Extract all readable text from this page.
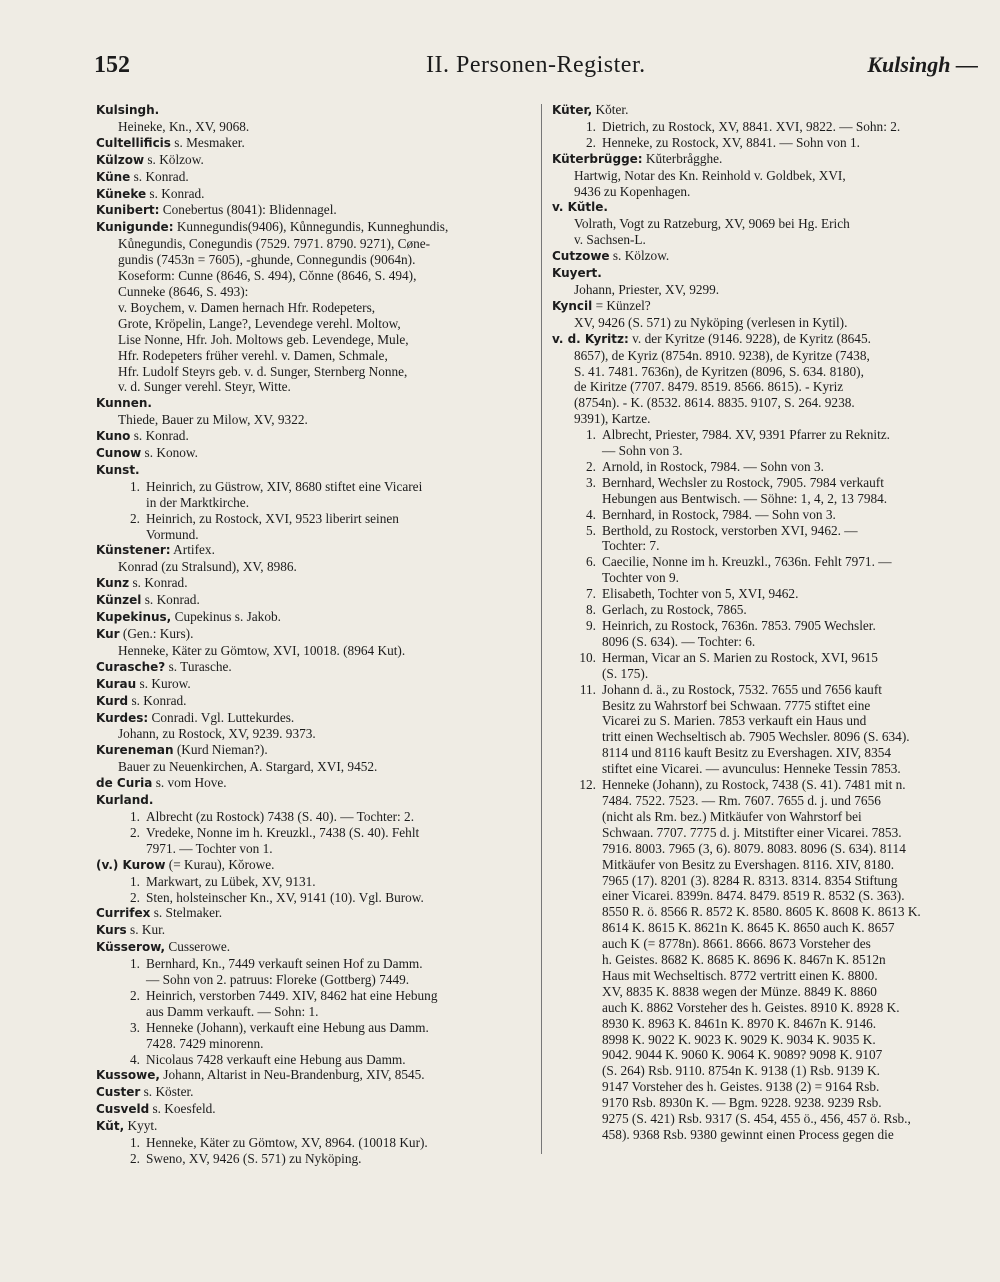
152	II. Personen-Register.	Kulsingh —
Kulsingh.
Heineke, Kn., XV, 9068.
Cultellificis s. Mesmaker.
Külzow s. Kölzow.
Küne s. Konrad.
Küneke s. Konrad.
Kunibert: Conebertus (8041): Blidennagel.
Kunigunde: Kunnegundis(9406), Kůnnegundis, Kunneghundis,
Kůnegundis, Conegundis (7529. 7971. 8790. 9271), Cøne-
gundis (7453n = 7605), -ghunde, Connegundis (9064n).
Koseform: Cunne (8646, S. 494), Cŏnne (8646, S. 494),
Cunneke (8646, S. 493):
v. Boychem, v. Damen hernach Hfr. Rodepeters,
Grote, Kröpelin, Lange?, Levendege verehl. Moltow,
Lise Nonne, Hfr. Joh. Moltows geb. Levendege, Mule,
Hfr. Rodepeters früher verehl. v. Damen, Schmale,
Hfr. Ludolf Steyrs geb. v. d. Sunger, Sternberg Nonne,
v. d. Sunger verehl. Steyr, Witte.
Kunnen.
Thiede, Bauer zu Milow, XV, 9322.
Kuno s. Konrad.
Cunow s. Konow.
Kunst.
1. Heinrich, zu Güstrow, XIV, 8680 stiftet eine Vicarei
in der Marktkirche.
2. Heinrich, zu Rostock, XVI, 9523 liberirt seinen
Vormund.
Künstener: Artifex.
Konrad (zu Stralsund), XV, 8986.
Kunz s. Konrad.
Künzel s. Konrad.
Kupekinus, Cupekinus s. Jakob.
Kur (Gen.: Kurs).
Henneke, Käter zu Gömtow, XVI, 10018. (8964 Kut).
Curasche? s. Turasche.
Kurau s. Kurow.
Kurd s. Konrad.
Kurdes: Conradi. Vgl. Luttekurdes.
Johann, zu Rostock, XV, 9239. 9373.
Kureneman (Kurd Nieman?).
Bauer zu Neuenkirchen, A. Stargard, XVI, 9452.
de Curia s. vom Hove.
Kurland.
1. Albrecht (zu Rostock) 7438 (S. 40). — Tochter: 2.
2. Vredeke, Nonne im h. Kreuzkl., 7438 (S. 40). Fehlt
7971. — Tochter von 1.
(v.) Kurow (= Kurau), Kŏrowe.
1. Markwart, zu Lübek, XV, 9131.
2. Sten, holsteinscher Kn., XV, 9141 (10). Vgl. Burow.
Currifex s. Stelmaker.
Kurs s. Kur.
Küsserow, Cusserowe.
1. Bernhard, Kn., 7449 verkauft seinen Hof zu Damm.
— Sohn von 2. patruus: Floreke (Gottberg) 7449.
2. Heinrich, verstorben 7449. XIV, 8462 hat eine Hebung
aus Damm verkauft. — Sohn: 1.
3. Henneke (Johann), verkauft eine Hebung aus Damm.
7428. 7429 minorenn.
4. Nicolaus 7428 verkauft eine Hebung aus Damm.
Kussowe, Johann, Altarist in Neu-Brandenburg, XIV, 8545.
Custer s. Köster.
Cusveld s. Koesfeld.
Kŭt, Kyyt.
1. Henneke, Käter zu Gömtow, XV, 8964. (10018 Kur).
2. Sweno, XV, 9426 (S. 571) zu Nyköping.
Küter, Kŏter.
1. Dietrich, zu Rostock, XV, 8841. XVI, 9822. — Sohn: 2.
2. Henneke, zu Rostock, XV, 8841. — Sohn von 1.
Küterbrügge: Kŭterbrågghe.
Hartwig, Notar des Kn. Reinhold v. Goldbek, XVI,
9436 zu Kopenhagen.
v. Kŭtle.
Volrath, Vogt zu Ratzeburg, XV, 9069 bei Hg. Erich
v. Sachsen-L.
Cutzowe s. Kölzow.
Kuyert.
Johann, Priester, XV, 9299.
Kyncil = Künzel?
XV, 9426 (S. 571) zu Nyköping (verlesen in Kytil).
v. d. Kyritz: v. der Kyritze (9146. 9228), de Kyritz (8645.
8657), de Kyriz (8754n. 8910. 9238), de Kyritze (7438,
S. 41. 7481. 7636n), de Kyritzen (8096, S. 634. 8180),
de Kiritze (7707. 8479. 8519. 8566. 8615). - Kyriz
(8754n). - K. (8532. 8614. 8835. 9107, S. 264. 9238.
9391), Kartze.
1. Albrecht, Priester, 7984. XV, 9391 Pfarrer zu Reknitz.
— Sohn von 3.
2. Arnold, in Rostock, 7984. — Sohn von 3.
3. Bernhard, Wechsler zu Rostock, 7905. 7984 verkauft
Hebungen aus Bentwisch. — Söhne: 1, 4, 2, 13 7984.
4. Bernhard, in Rostock, 7984. — Sohn von 3.
5. Berthold, zu Rostock, verstorben XVI, 9462. —
Tochter: 7.
6. Caecilie, Nonne im h. Kreuzkl., 7636n. Fehlt 7971. —
Tochter von 9.
7. Elisabeth, Tochter von 5, XVI, 9462.
8. Gerlach, zu Rostock, 7865.
9. Heinrich, zu Rostock, 7636n. 7853. 7905 Wechsler.
8096 (S. 634). — Tochter: 6.
10. Herman, Vicar an S. Marien zu Rostock, XVI, 9615
(S. 175).
11. Johann d. ä., zu Rostock, 7532. 7655 und 7656 kauft
Besitz zu Wahrstorf bei Schwaan. 7775 stiftet eine
Vicarei zu S. Marien. 7853 verkauft ein Haus und
tritt einen Wechseltisch ab. 7905 Wechsler. 8096 (S. 634).
8114 und 8116 kauft Besitz zu Evershagen. XIV, 8354
stiftet eine Vicarei. — avunculus: Henneke Tessin 7853.
12. Henneke (Johann), zu Rostock, 7438 (S. 41). 7481 mit n.
7484. 7522. 7523. — Rm. 7607. 7655 d. j. und 7656
(nicht als Rm. bez.) Mitkäufer von Wahrstorf bei
Schwaan. 7707. 7775 d. j. Mitstifter einer Vicarei. 7853.
7916. 8003. 7965 (3, 6). 8079. 8083. 8096 (S. 634). 8114
Mitkäufer von Besitz zu Evershagen. 8116. XIV, 8180.
7965 (17). 8201 (3). 8284 R. 8313. 8314. 8354 Stiftung
einer Vicarei. 8399n. 8474. 8479. 8519 R. 8532 (S. 363).
8550 R. ö. 8566 R. 8572 K. 8580. 8605 K. 8608 K. 8613 K.
8614 K. 8615 K. 8621n K. 8645 K. 8650 auch K. 8657
auch K (= 8778n). 8661. 8666. 8673 Vorsteher des
h. Geistes. 8682 K. 8685 K. 8696 K. 8467n K. 8512n
Haus mit Wechseltisch. 8772 vertritt einen K. 8800.
XV, 8835 K. 8838 wegen der Münze. 8849 K. 8860
auch K. 8862 Vorsteher des h. Geistes. 8910 K. 8928 K.
8930 K. 8963 K. 8461n K. 8970 K. 8467n K. 9146.
8998 K. 9022 K. 9023 K. 9029 K. 9034 K. 9035 K.
9042. 9044 K. 9060 K. 9064 K. 9089? 9098 K. 9107
(S. 264) Rsb. 9110. 8754n K. 9138 (1) Rsb. 9139 K.
9147 Vorsteher des h. Geistes. 9138 (2) = 9164 Rsb.
9170 Rsb. 8930n K. — Bgm. 9228. 9238. 9239 Rsb.
9275 (S. 421) Rsb. 9317 (S. 454, 455 ö., 456, 457 ö. Rsb.,
458). 9368 Rsb. 9380 gewinnt einen Process gegen die
